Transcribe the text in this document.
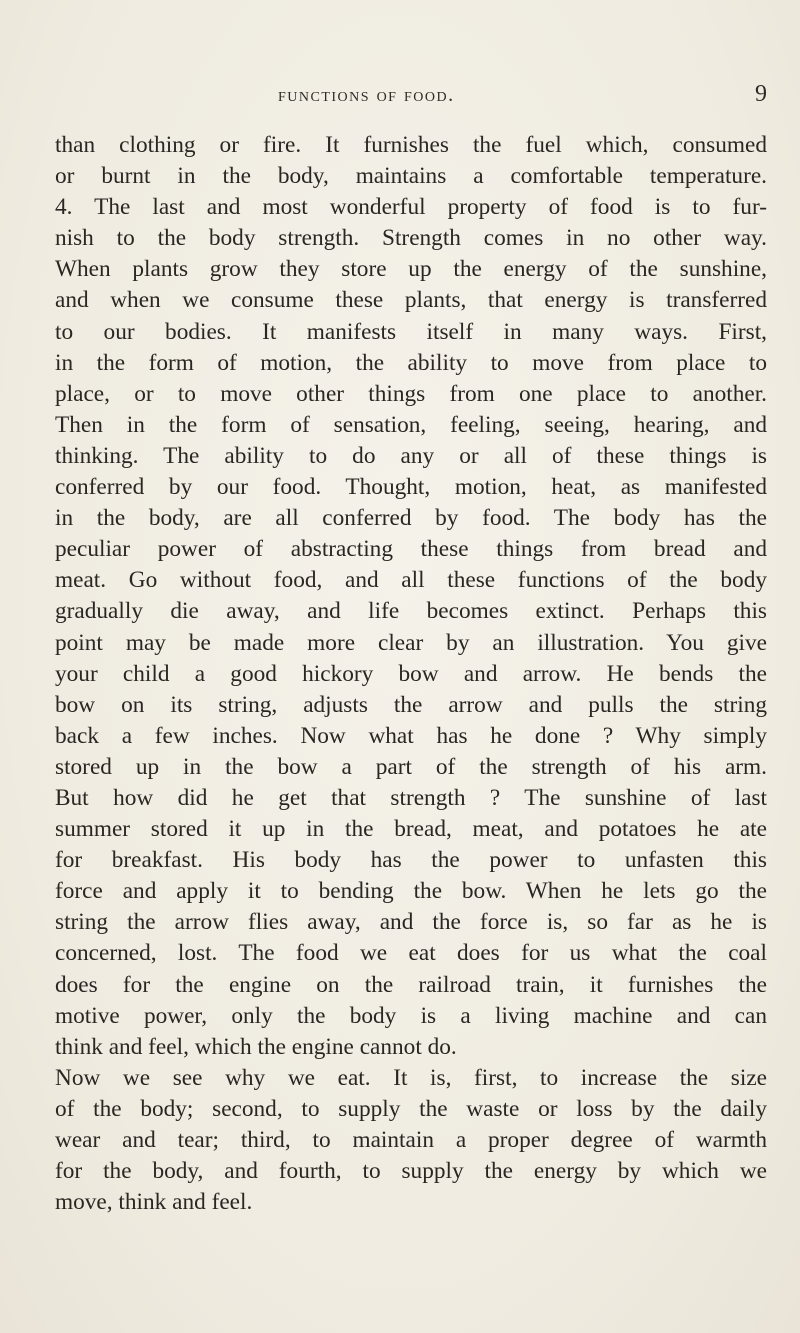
functions of food.	9
than clothing or fire. It furnishes the fuel which, consumed
or burnt in the body, maintains a comfortable temperature.
4. The last and most wonderful property of food is to fur-
nish to the body strength. Strength comes in no other way.
When plants grow they store up the energy of the sunshine,
and when we consume these plants, that energy is transferred
to our bodies. It manifests itself in many ways. First,
in the form of motion, the ability to move from place to
place, or to move other things from one place to another.
Then in the form of sensation, feeling, seeing, hearing, and
thinking. The ability to do any or all of these things is
conferred by our food. Thought, motion, heat, as manifested
in the body, are all conferred by food. The body has the
peculiar power of abstracting these things from bread and
meat. Go without food, and all these functions of the body
gradually die away, and life becomes extinct. Perhaps this
point may be made more clear by an illustration. You give
your child a good hickory bow and arrow. He bends the
bow on its string, adjusts the arrow and pulls the string
back a few inches. Now what has he done ? Why simply
stored up in the bow a part of the strength of his arm.
But how did he get that strength ? The sunshine of last
summer stored it up in the bread, meat, and potatoes he ate
for breakfast. His body has the power to unfasten this
force and apply it to bending the bow. When he lets go the
string the arrow flies away, and the force is, so far as he is
concerned, lost. The food we eat does for us what the coal
does for the engine on the railroad train, it furnishes the
motive power, only the body is a living machine and can
think and feel, which the engine cannot do.
Now we see why we eat. It is, first, to increase the size
of the body; second, to supply the waste or loss by the daily
wear and tear; third, to maintain a proper degree of warmth
for the body, and fourth, to supply the energy by which we
move, think and feel.
